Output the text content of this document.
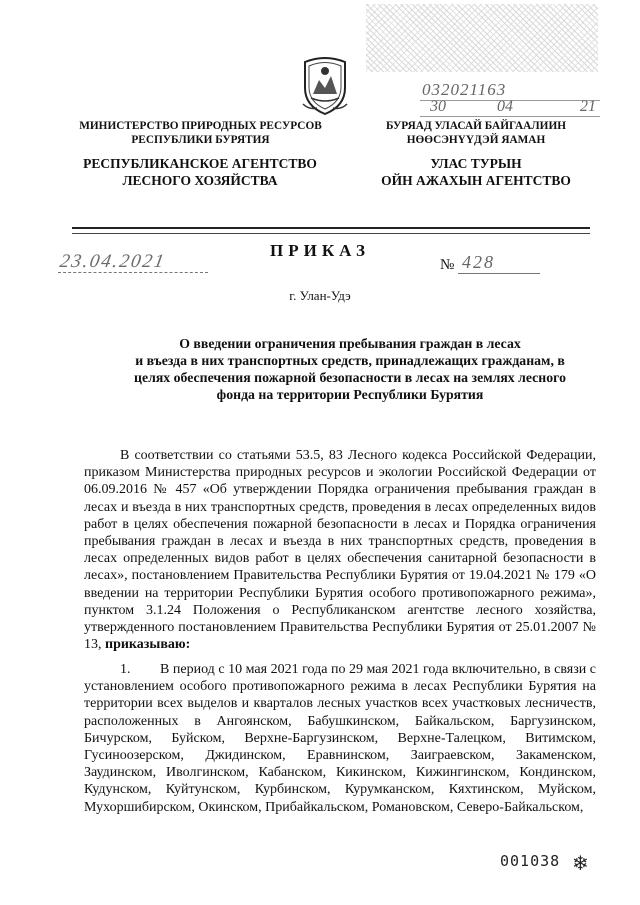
032021163
30	04	21
МИНИСТЕРСТВО ПРИРОДНЫХ РЕСУРСОВ
РЕСПУБЛИКИ БУРЯТИЯ
БУРЯАД УЛАСАЙ БАЙГААЛИИН
НӨӨСЭНҮҮДЭЙ ЯАМАН
РЕСПУБЛИКАНСКОЕ АГЕНТСТВО
ЛЕСНОГО ХОЗЯЙСТВА
УЛАС ТУРЫН
ОЙН АЖАХЫН АГЕНТСТВО
ПРИКАЗ
23.04.2021	№ 428
г. Улан-Удэ
О введении ограничения пребывания граждан в лесах
и въезда в них транспортных средств, принадлежащих гражданам, в
целях обеспечения пожарной безопасности в лесах на землях лесного
фонда на территории Республики Бурятия
В соответствии со статьями 53.5, 83 Лесного кодекса Российской Федерации, приказом Министерства природных ресурсов и экологии Российской Федерации от 06.09.2016 № 457 «Об утверждении Порядка ограничения пребывания граждан в лесах и въезда в них транспортных средств, проведения в лесах определенных видов работ в целях обеспечения пожарной безопасности в лесах и Порядка ограничения пребывания граждан в лесах и въезда в них транспортных средств, проведения в лесах определенных видов работ в целях обеспечения санитарной безопасности в лесах», постановлением Правительства Республики Бурятия от 19.04.2021 № 179 «О введении на территории Республики Бурятия особого противопожарного режима», пунктом 3.1.24 Положения о Республиканском агентстве лесного хозяйства, утвержденного постановлением Правительства Республики Бурятия от 25.01.2007 № 13, приказываю:
1. В период с 10 мая 2021 года по 29 мая 2021 года включительно, в связи с установлением особого противопожарного режима в лесах Республики Бурятия на территории всех выделов и кварталов лесных участков всех участковых лесничеств, расположенных в Ангоянском, Бабушкинском, Байкальском, Баргузинском, Бичурском, Буйском, Верхне-Баргузинском, Верхне-Талецком, Витимском, Гусиноозерском, Джидинском, Еравнинском, Заиграевском, Закаменском, Заудинском, Иволгинском, Кабанском, Кикинском, Кижингинском, Кондинском, Кудунском, Куйтунском, Курбинском, Курумканском, Кяхтинском, Муйском, Мухоршибирском, Окинском, Прибайкальском, Романовском, Северо-Байкальском,
001038 ❄
